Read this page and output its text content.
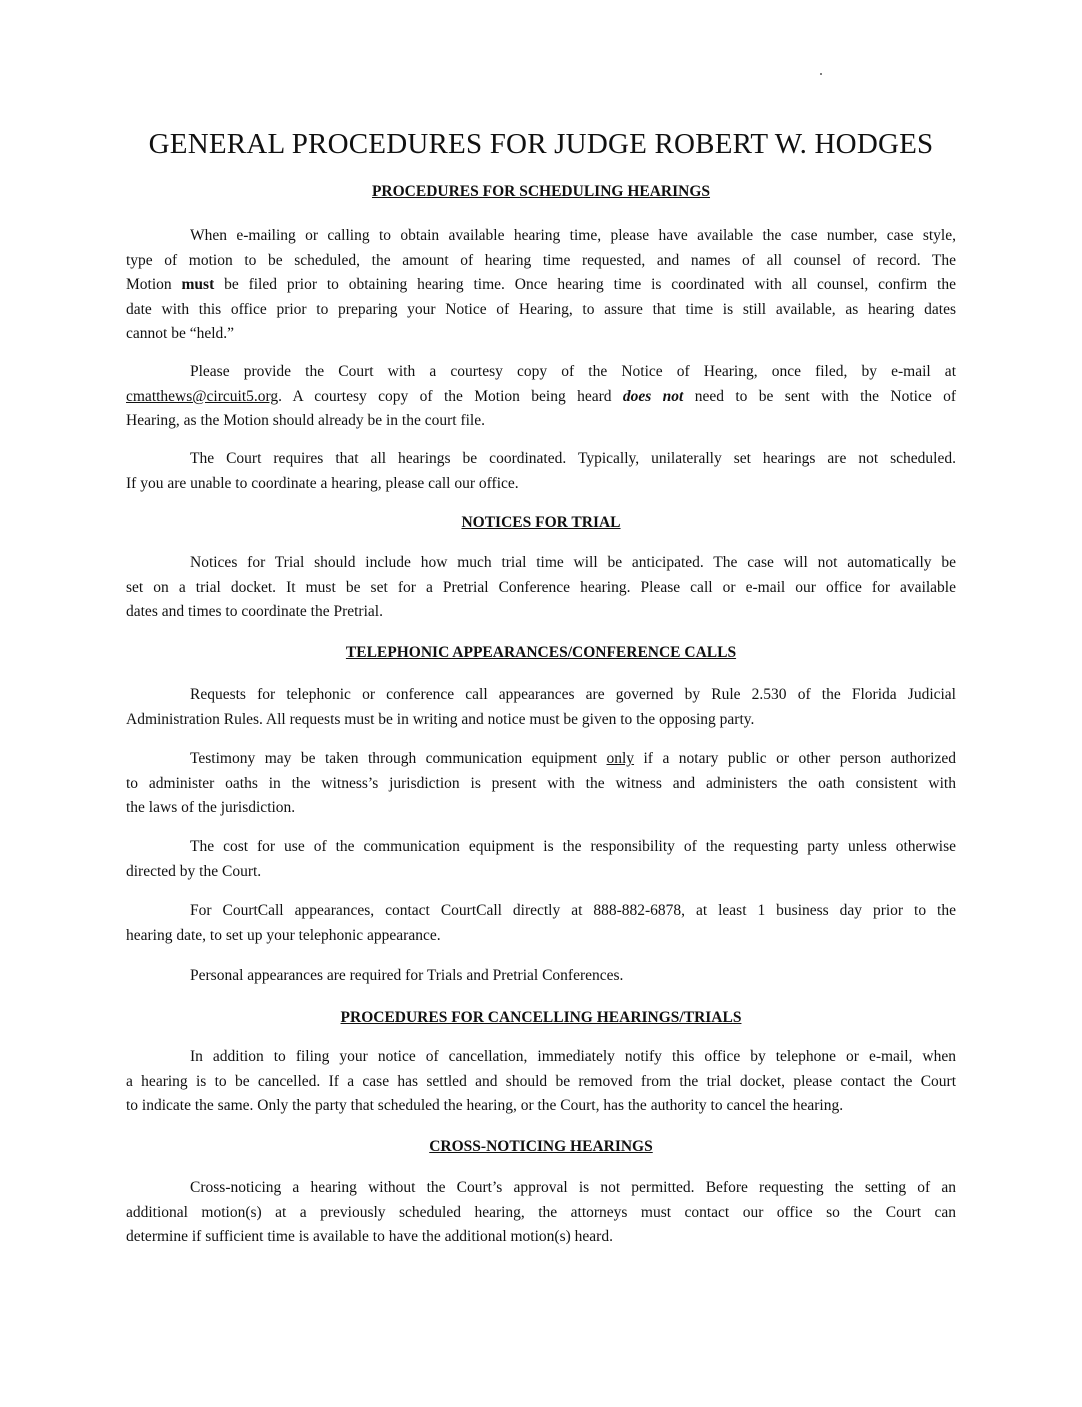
GENERAL PROCEDURES FOR JUDGE ROBERT W. HODGES
PROCEDURES FOR SCHEDULING HEARINGS
When e-mailing or calling to obtain available hearing time, please have available the case number, case style,
type of motion to be scheduled, the amount of hearing time requested, and names of all counsel of record. The
Motion must be filed prior to obtaining hearing time. Once hearing time is coordinated with all counsel, confirm the
date with this office prior to preparing your Notice of Hearing, to assure that time is still available, as hearing dates
cannot be “held.”
Please provide the Court with a courtesy copy of the Notice of Hearing, once filed, by e-mail at
cmatthews@circuit5.org. A courtesy copy of the Motion being heard does not need to be sent with the Notice of
Hearing, as the Motion should already be in the court file.
The Court requires that all hearings be coordinated. Typically, unilaterally set hearings are not scheduled.
If you are unable to coordinate a hearing, please call our office.
NOTICES FOR TRIAL
Notices for Trial should include how much trial time will be anticipated. The case will not automatically be
set on a trial docket. It must be set for a Pretrial Conference hearing. Please call or e-mail our office for available
dates and times to coordinate the Pretrial.
TELEPHONIC APPEARANCES/CONFERENCE CALLS
Requests for telephonic or conference call appearances are governed by Rule 2.530 of the Florida Judicial
Administration Rules. All requests must be in writing and notice must be given to the opposing party.
Testimony may be taken through communication equipment only if a notary public or other person authorized
to administer oaths in the witness’s jurisdiction is present with the witness and administers the oath consistent with
the laws of the jurisdiction.
The cost for use of the communication equipment is the responsibility of the requesting party unless otherwise
directed by the Court.
For CourtCall appearances, contact CourtCall directly at 888-882-6878, at least 1 business day prior to the
hearing date, to set up your telephonic appearance.
Personal appearances are required for Trials and Pretrial Conferences.
PROCEDURES FOR CANCELLING HEARINGS/TRIALS
In addition to filing your notice of cancellation, immediately notify this office by telephone or e-mail, when
a hearing is to be cancelled. If a case has settled and should be removed from the trial docket, please contact the Court
to indicate the same. Only the party that scheduled the hearing, or the Court, has the authority to cancel the hearing.
CROSS-NOTICING HEARINGS
Cross-noticing a hearing without the Court’s approval is not permitted. Before requesting the setting of an
additional motion(s) at a previously scheduled hearing, the attorneys must contact our office so the Court can
determine if sufficient time is available to have the additional motion(s) heard.
